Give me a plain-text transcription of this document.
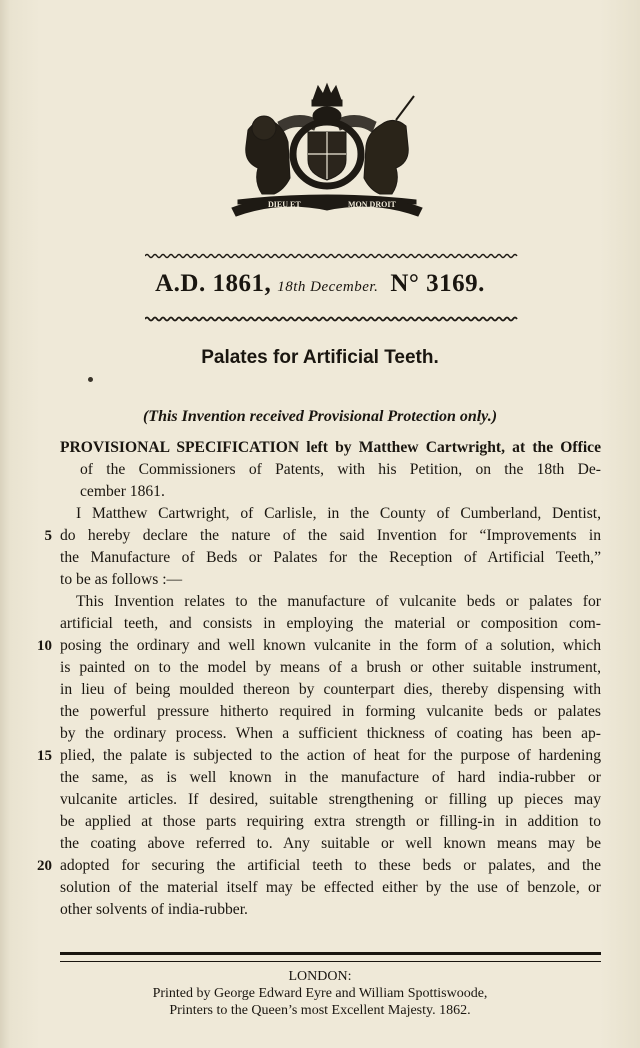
DIEU ET	MON DROIT
A.D. 1861, 18th December. N° 3169.
Palates for Artificial Teeth.
(This Invention received Provisional Protection only.)
PROVISIONAL SPECIFICATION left by Matthew Cartwright, at the Office
of the Commissioners of Patents, with his Petition, on the 18th De-
cember 1861.
I Matthew Cartwright, of Carlisle, in the County of Cumberland, Dentist,
do hereby declare the nature of the said Invention for “Improvements in
5
the Manufacture of Beds or Palates for the Reception of Artificial Teeth,”
to be as follows :—
This Invention relates to the manufacture of vulcanite beds or palates for
artificial teeth, and consists in employing the material or composition com-
posing the ordinary and well known vulcanite in the form of a solution, which
10
is painted on to the model by means of a brush or other suitable instrument,
in lieu of being moulded thereon by counterpart dies, thereby dispensing with
the powerful pressure hitherto required in forming vulcanite beds or palates
by the ordinary process. When a sufficient thickness of coating has been ap-
plied, the palate is subjected to the action of heat for the purpose of hardening
15
the same, as is well known in the manufacture of hard india-rubber or
vulcanite articles. If desired, suitable strengthening or filling up pieces may
be applied at those parts requiring extra strength or filling-in in addition to
the coating above referred to. Any suitable or well known means may be
adopted for securing the artificial teeth to these beds or palates, and the
20
solution of the material itself may be effected either by the use of benzole, or
other solvents of india-rubber.
LONDON:
Printed by George Edward Eyre and William Spottiswoode,
Printers to the Queen’s most Excellent Majesty. 1862.
